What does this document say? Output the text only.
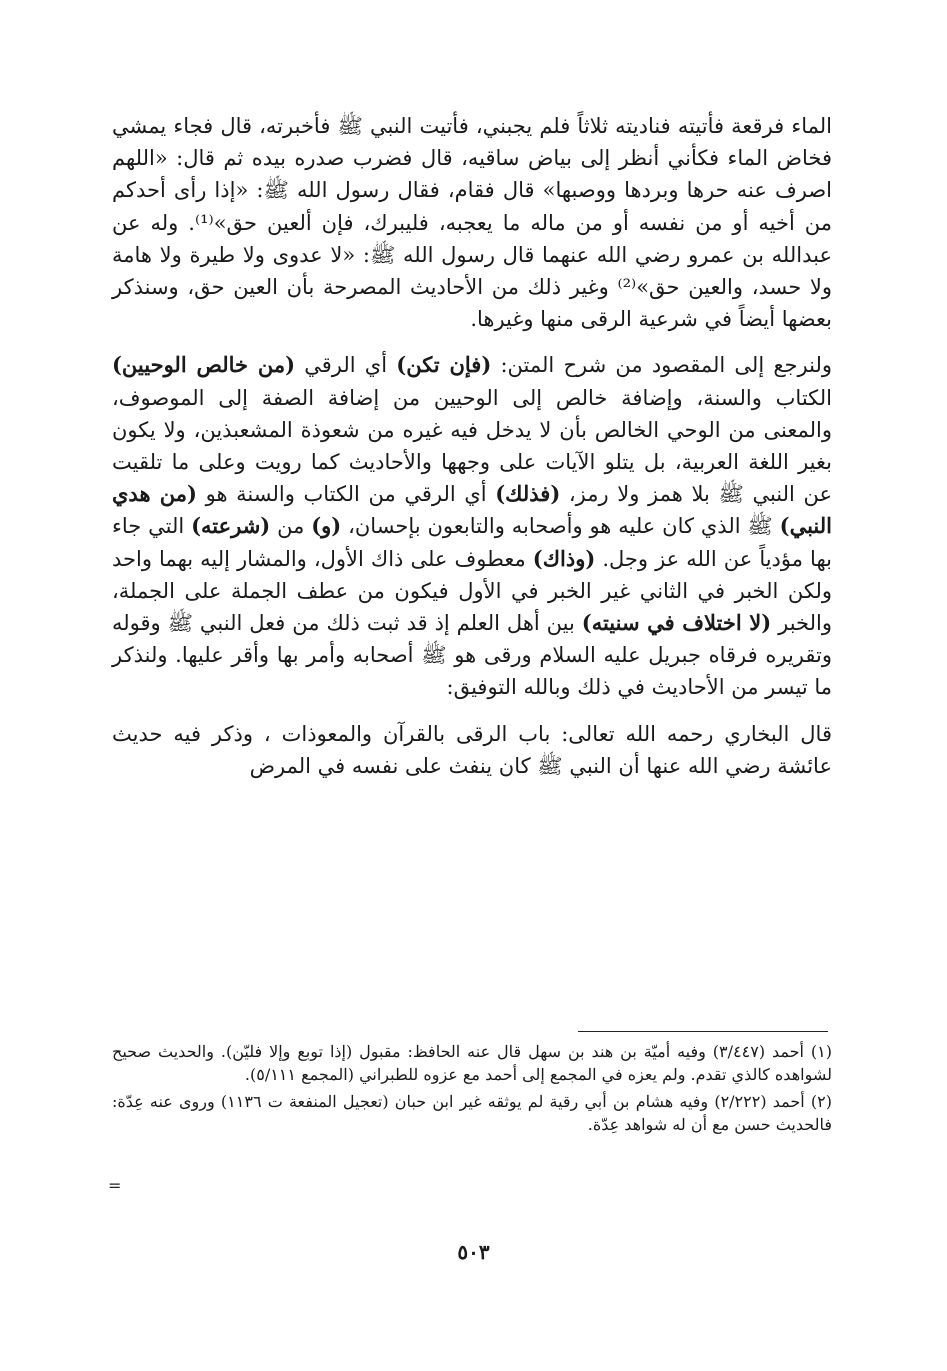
الماء فرقعة فأتيته فناديته ثلاثاً فلم يجبني، فأتيت النبي ﷺ فأخبرته، قال فجاء يمشي فخاض الماء فكأني أنظر إلى بياض ساقيه، قال فضرب صدره بيده ثم قال: «اللهم اصرف عنه حرها وبردها ووصبها» قال فقام، فقال رسول الله ﷺ: «إذا رأى أحدكم من أخيه أو من نفسه أو من ماله ما يعجبه، فليبرك، فإن ألعين حق»⁽¹⁾. وله عن عبدالله بن عمرو رضي الله عنهما قال رسول الله ﷺ: «لا عدوى ولا طيرة ولا هامة ولا حسد، والعين حق»⁽²⁾ وغير ذلك من الأحاديث المصرحة بأن العين حق، وسنذكر بعضها أيضاً في شرعية الرقى منها وغيرها.

ولنرجع إلى المقصود من شرح المتن: (فإن تكن) أي الرقي (من خالص الوحيين) الكتاب والسنة، وإضافة خالص إلى الوحيين من إضافة الصفة إلى الموصوف، والمعنى من الوحي الخالص بأن لا يدخل فيه غيره من شعوذة المشعبذين، ولا يكون بغير اللغة العربية، بل يتلو الآيات على وجهها والأحاديث كما رويت وعلى ما تلقيت عن النبي ﷺ بلا همز ولا رمز، (فذلك) أي الرقي من الكتاب والسنة هو (من هدي النبي) ﷺ الذي كان عليه هو وأصحابه والتابعون بإحسان، (و) من (شرعته) التي جاء بها مؤدياً عن الله عز وجل. (وذاك) معطوف على ذاك الأول، والمشار إليه بهما واحد ولكن الخبر في الثاني غير الخبر في الأول فيكون من عطف الجملة على الجملة، والخبر (لا اختلاف في سنيته) بين أهل العلم إذ قد ثبت ذلك من فعل النبي ﷺ وقوله وتقريره فرقاه جبريل عليه السلام ورقى هو ﷺ أصحابه وأمر بها وأقر عليها. ولنذكر ما تيسر من الأحاديث في ذلك وبالله التوفيق:

قال البخاري رحمه الله تعالى: باب الرقى بالقرآن والمعوذات ، وذكر فيه حديث عائشة رضي الله عنها أن النبي ﷺ كان ينفث على نفسه في المرض

(١) أحمد (٣/٤٤٧) وفيه أميّة بن هند بن سهل قال عنه الحافظ: مقبول (إذا توبع وإلا فليّن). والحديث صحيح لشواهده كالذي تقدم. ولم يعزه في المجمع إلى أحمد مع عزوه للطبراني (المجمع ٥/١١١).

(٢) أحمد (٢/٢٢٢) وفيه هشام بن أبي رقية لم يوثقه غير ابن حبان (تعجيل المنفعة ت ١١٣٦) وروى عنه عِدّة: فالحديث حسن مع أن له شواهد عِدّة.

=
٥٠٣
